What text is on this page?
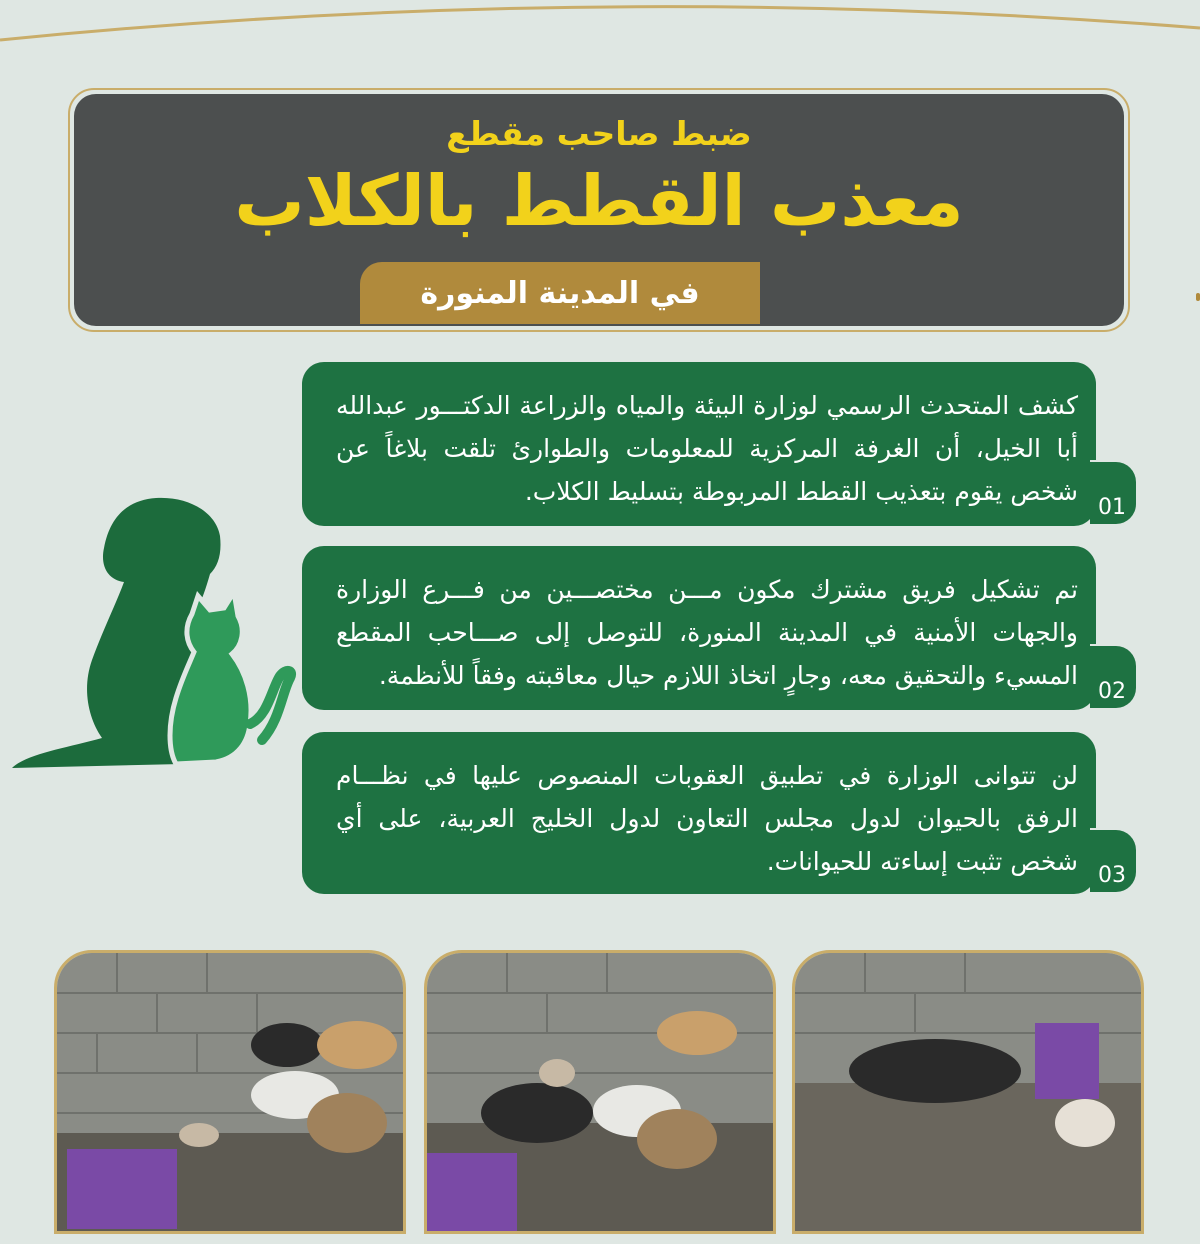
ضبط صاحب مقطع
معذب القطط بالكلاب
في المدينة المنورة
كشف المتحدث الرسمي لوزارة البيئة والمياه والزراعة الدكتـــور عبدالله أبا الخيل، أن الغرفة المركزية للمعلومات والطوارئ تلقت بلاغاً عن شخص يقوم بتعذيب القطط المربوطة بتسليط الكلاب.
01
تم تشكيل فريق مشترك مكون مـــن مختصـــين من فـــرع الوزارة والجهات الأمنية في المدينة المنورة، للتوصل إلى صـــاحب المقطع المسيء والتحقيق معه، وجارٍ اتخاذ اللازم حيال معاقبته وفقاً للأنظمة.
02
لن تتوانى الوزارة في تطبيق العقوبات المنصوص عليها في نظـــام الرفق بالحيوان لدول مجلس التعاون لدول الخليج العربية، على أي شخص تثبت إساءته للحيوانات. 03
